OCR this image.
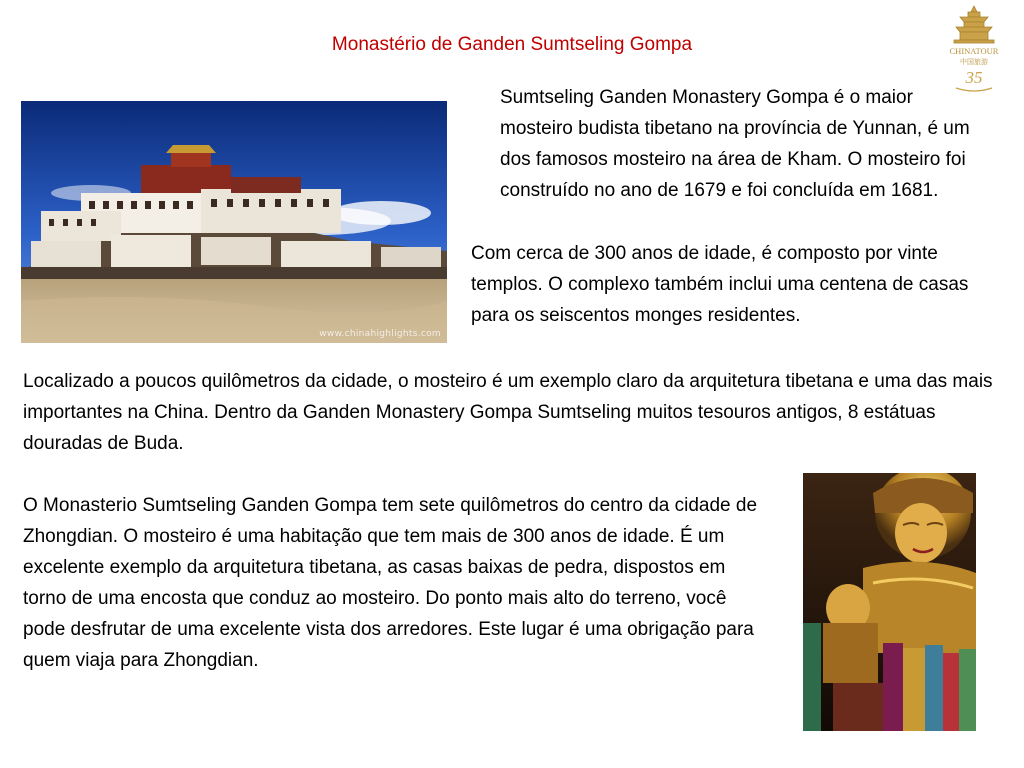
Monastério de Ganden Sumtseling Gompa	CHINATOUR
中国旅游
35
www.chinahighlights.com
Sumtseling Ganden Monastery Gompa é o maior mosteiro budista tibetano na província de Yunnan, é um dos famosos mosteiro na área de Kham. O mosteiro foi construído no ano de 1679 e foi concluída em 1681.
Com cerca de 300 anos de idade, é composto por vinte templos. O complexo também inclui uma centena de casas para os seiscentos monges residentes.
Localizado a poucos quilômetros da cidade, o mosteiro é um exemplo claro da arquitetura tibetana e uma das mais importantes na China. Dentro da Ganden Monastery Gompa Sumtseling muitos tesouros antigos, 8 estátuas douradas de Buda.
O Monasterio Sumtseling Ganden Gompa tem sete quilômetros do centro da cidade de Zhongdian. O mosteiro é uma habitação que tem mais de 300 anos de idade. É um excelente exemplo da arquitetura tibetana, as casas baixas de pedra, dispostos em torno de uma encosta que conduz ao mosteiro. Do ponto mais alto do terreno, você pode desfrutar de uma excelente vista dos arredores. Este lugar é uma obrigação para quem viaja para Zhongdian.
